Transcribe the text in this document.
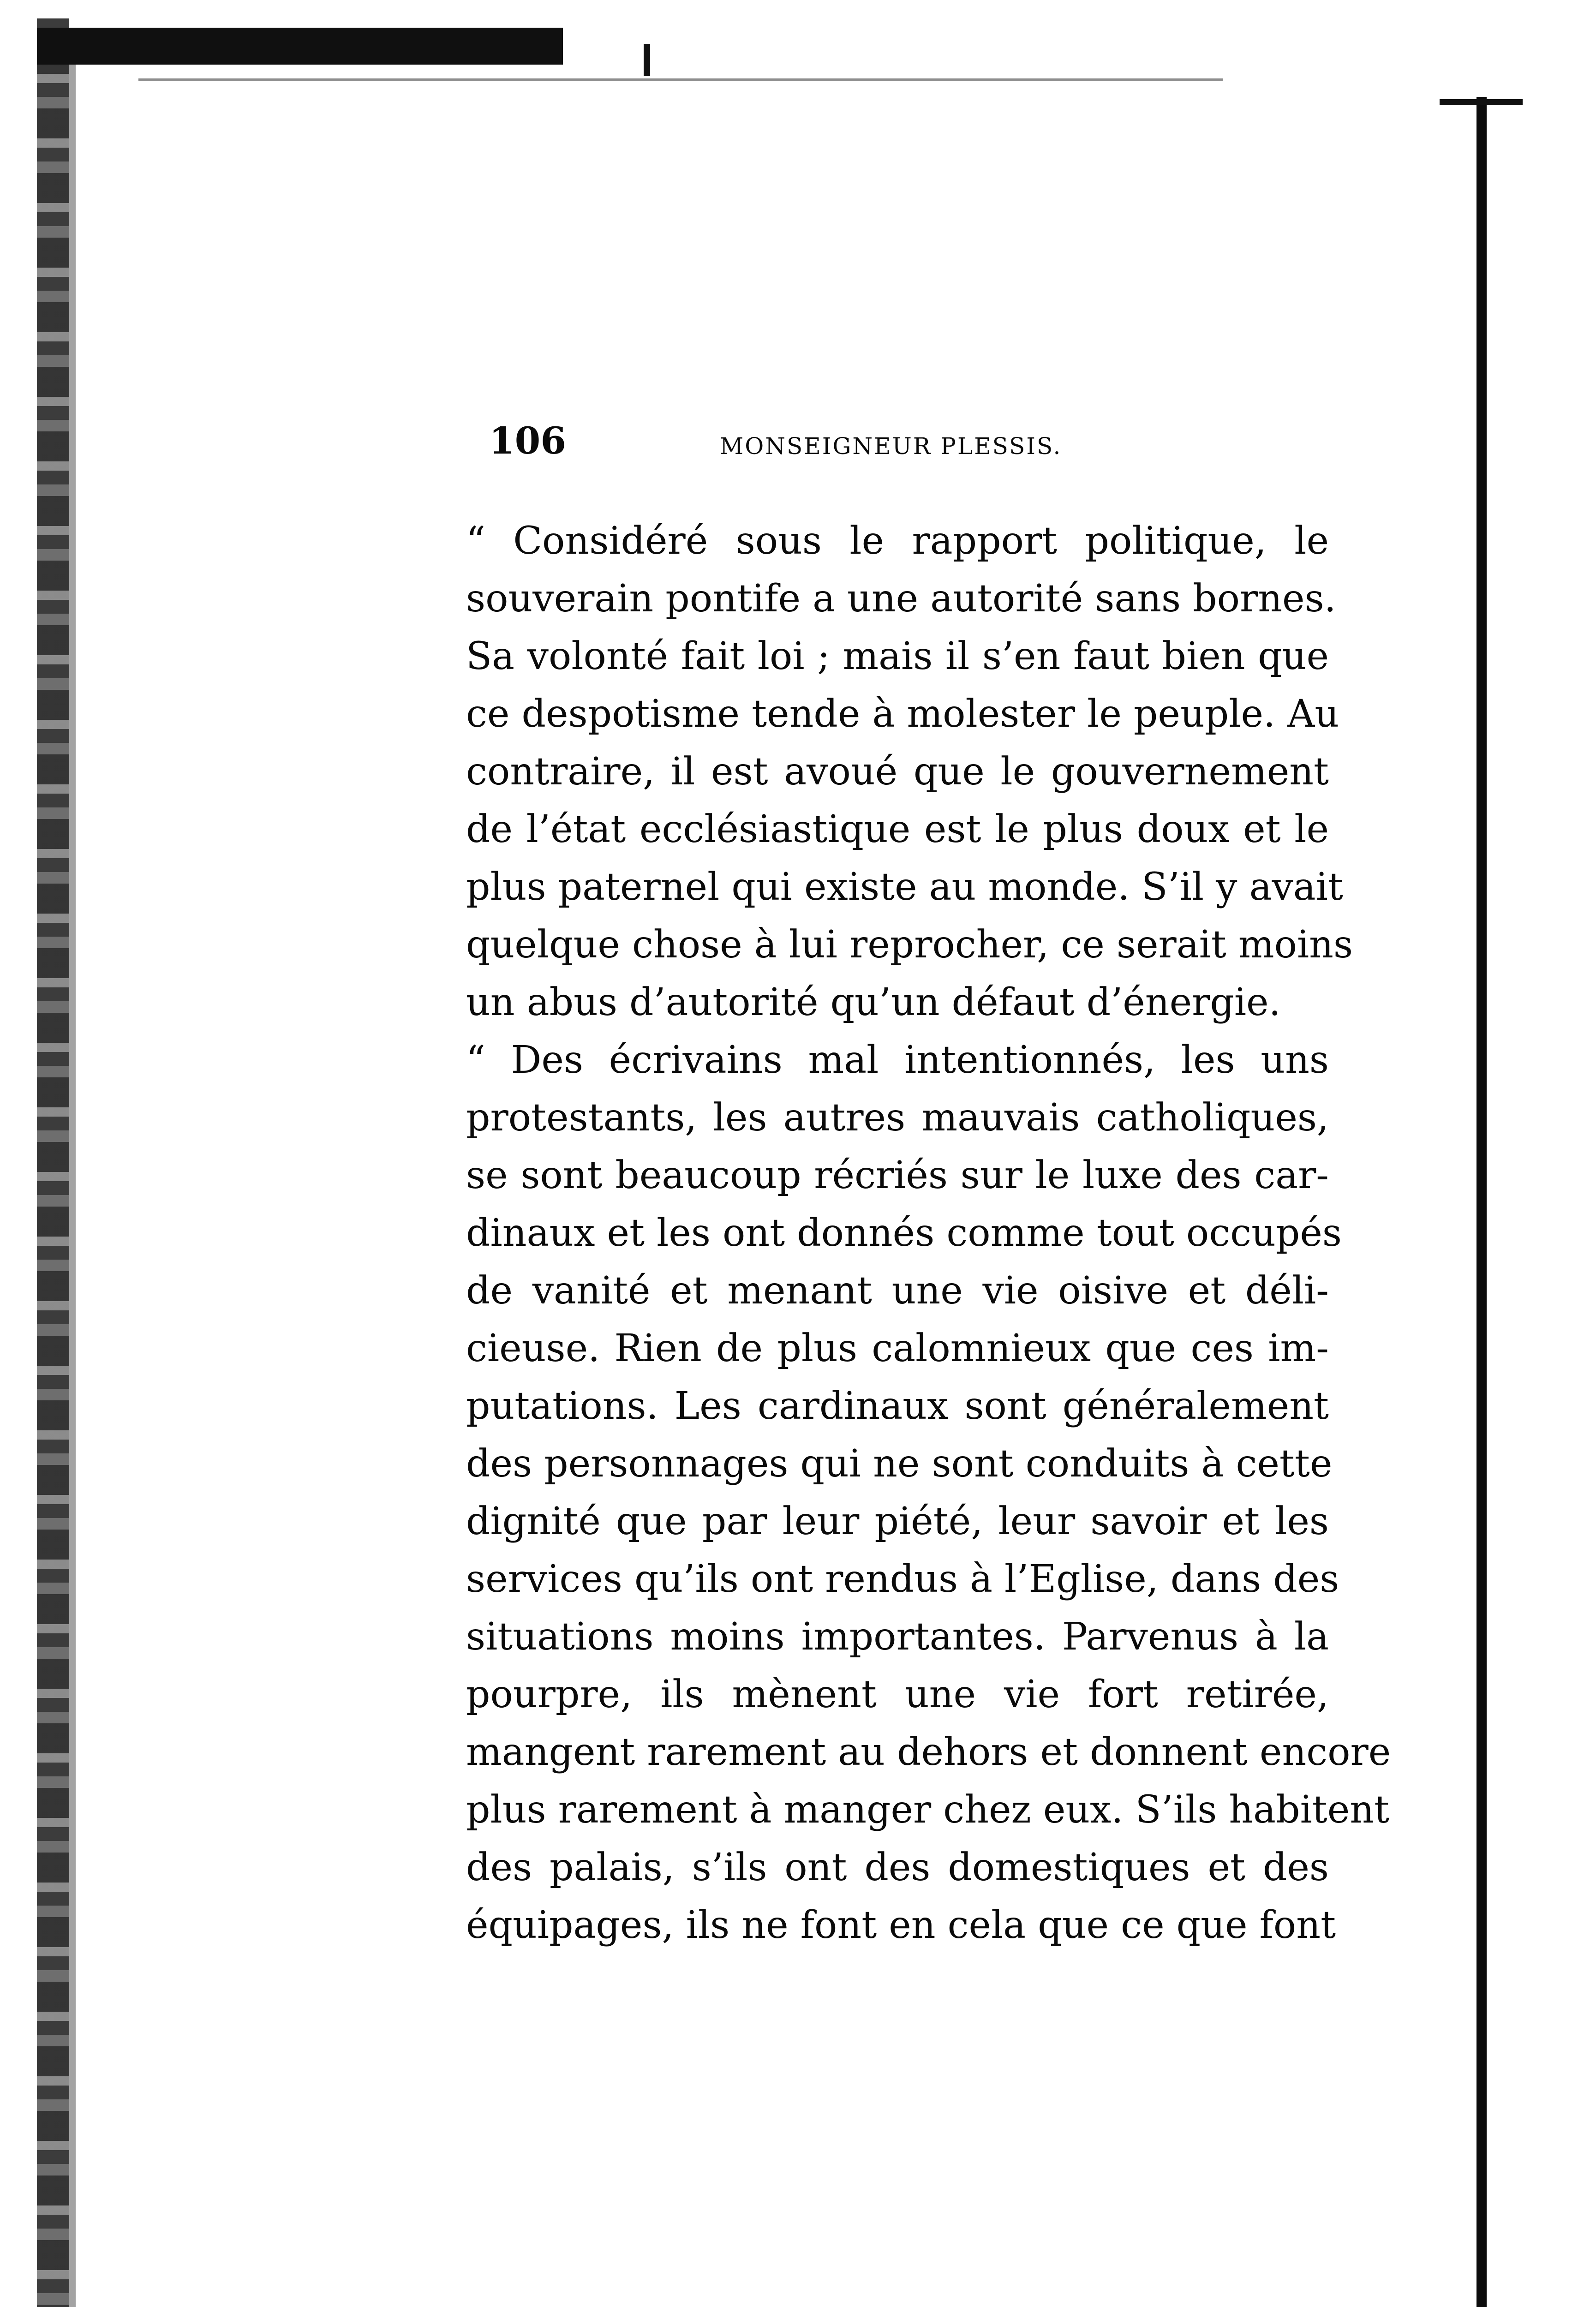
106	MONSEIGNEUR PLESSIS.
“ Considéré sous le rapport politique, le
souverain pontife a une autorité sans bornes.
Sa volonté fait loi ; mais il s’en faut bien que
ce despotisme tende à molester le peuple. Au
contraire, il est avoué que le gouvernement
de l’état ecclésiastique est le plus doux et le
plus paternel qui existe au monde. S’il y avait
quelque chose à lui reprocher, ce serait moins
un abus d’autorité qu’un défaut d’énergie.
“ Des écrivains mal intentionnés, les uns
protestants, les autres mauvais catholiques,
se sont beaucoup récriés sur le luxe des car-
dinaux et les ont donnés comme tout occupés
de vanité et menant une vie oisive et déli-
cieuse. Rien de plus calomnieux que ces im-
putations. Les cardinaux sont généralement
des personnages qui ne sont conduits à cette
dignité que par leur piété, leur savoir et les
services qu’ils ont rendus à l’Eglise, dans des
situations moins importantes. Parvenus à la
pourpre, ils mènent une vie fort retirée,
mangent rarement au dehors et donnent encore
plus rarement à manger chez eux. S’ils habitent
des palais, s’ils ont des domestiques et des
équipages, ils ne font en cela que ce que font
